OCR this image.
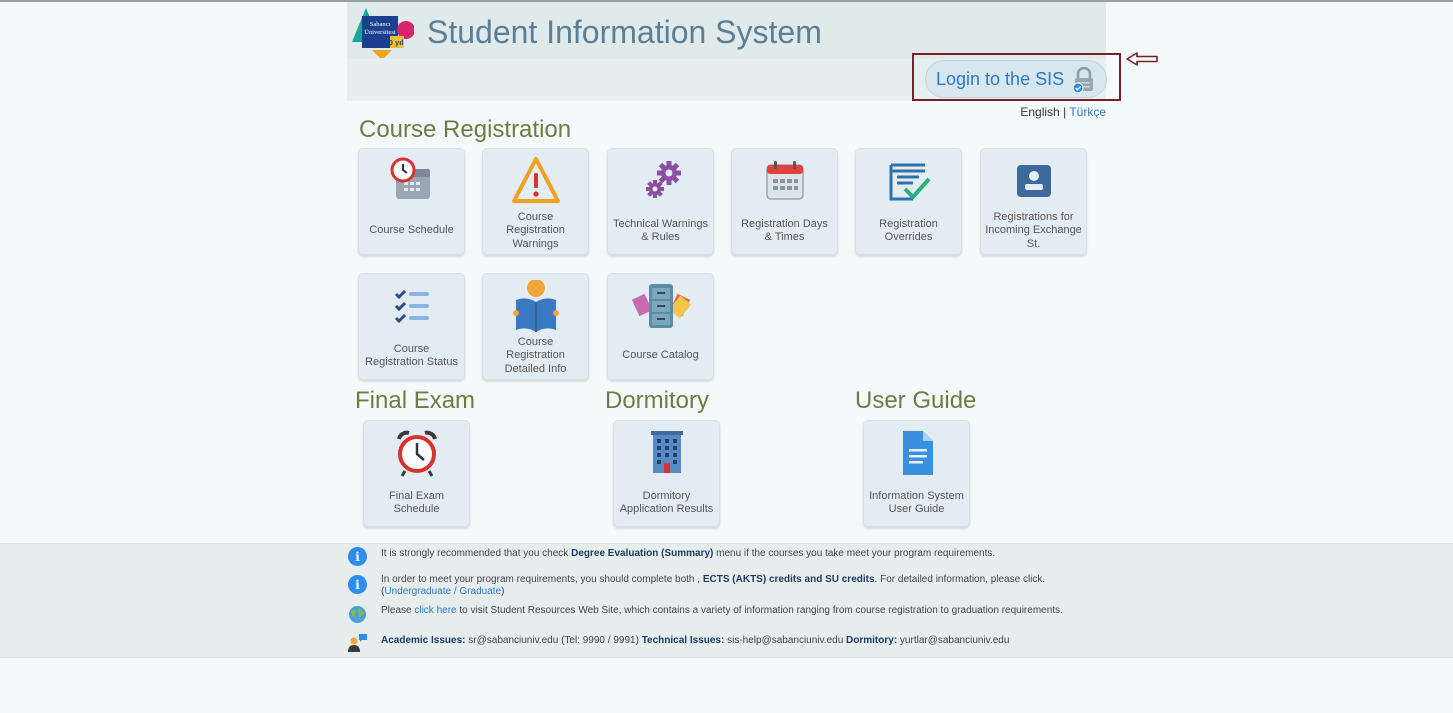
Sabancı
Üniversitesi
20 yıl Student Information System
Login to the SIS
English | Türkçe
Course Registration
Course Schedule
Course Registration Warnings
Technical Warnings & Rules
Registration Days & Times
Registration Overrides
Registrations for Incoming Exchange St.
Course Registration Status
Course Registration Detailed Info
Course Catalog
Final Exam	Dormitory	User Guide
Final Exam Schedule
Dormitory Application Results
Information System User Guide
i	It is strongly recommended that you check Degree Evaluation (Summary) menu if the courses you take meet your program requirements.
i	In order to meet your program requirements, you should complete both , ECTS (AKTS) credits and SU credits. For detailed information, please click.
(Undergraduate / Graduate)
Please click here to visit Student Resources Web Site, which contains a variety of information ranging from course registration to graduation requirements.
Academic Issues: sr@sabanciuniv.edu (Tel: 9990 / 9991) Technical Issues: sis-help@sabanciuniv.edu Dormitory: yurtlar@sabanciuniv.edu
